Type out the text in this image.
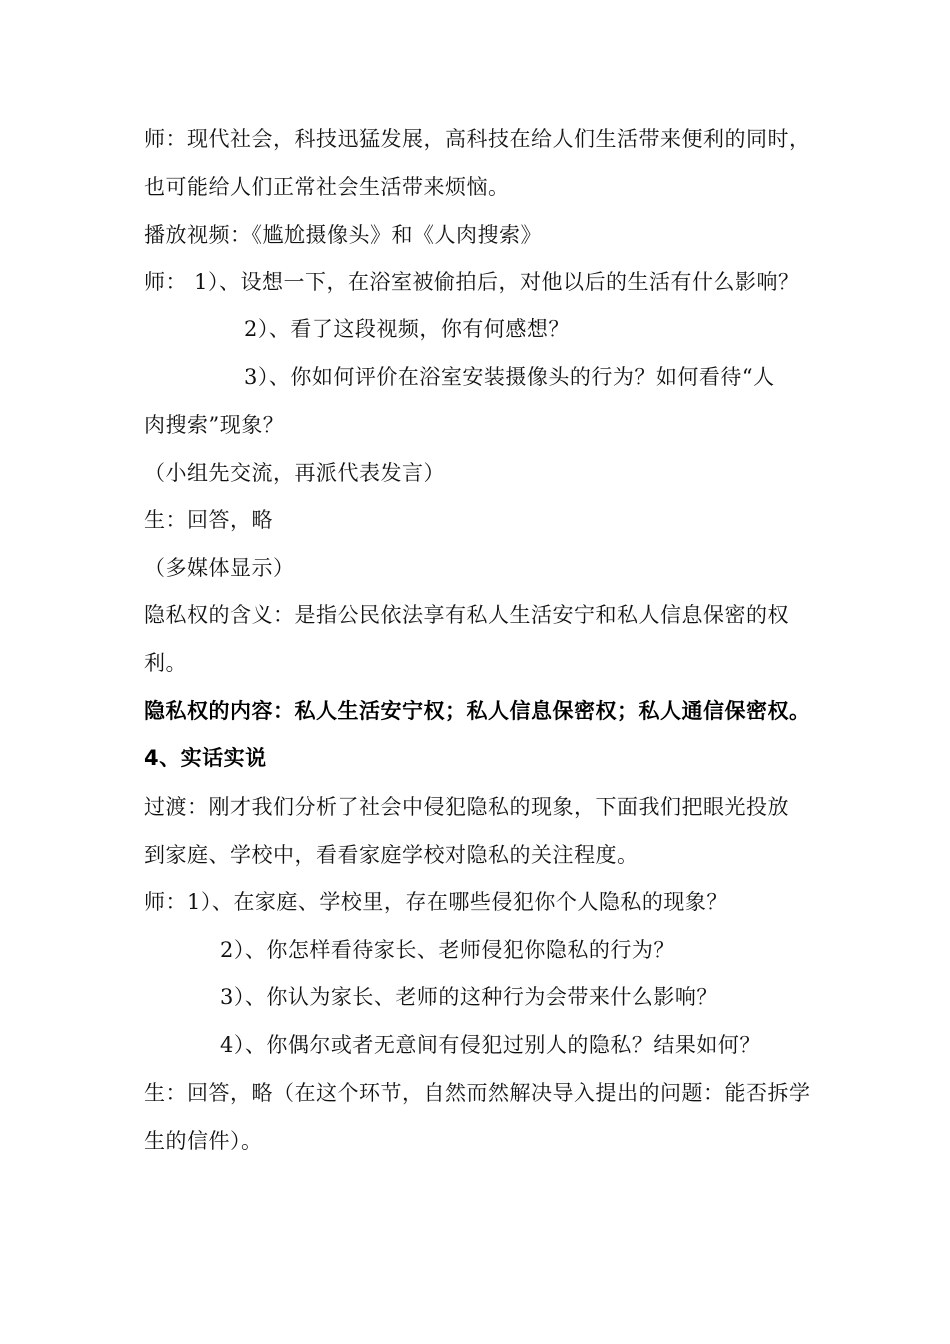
师：现代社会，科技迅猛发展，高科技在给人们生活带来便利的同时，
也可能给人们正常社会生活带来烦恼。
播放视频：《尴尬摄像头》和《人肉搜索》
师： 1）、设想一下，在浴室被偷拍后，对他以后的生活有什么影响？
2）、看了这段视频，你有何感想？
3）、你如何评价在浴室安装摄像头的行为？如何看待“人
肉搜索”现象？
（小组先交流，再派代表发言）
生：回答，略
（多媒体显示）
隐私权的含义：是指公民依法享有私人生活安宁和私人信息保密的权
利。
隐私权的内容：私人生活安宁权；私人信息保密权；私人通信保密权。
4、实话实说
过渡：刚才我们分析了社会中侵犯隐私的现象，下面我们把眼光投放
到家庭、学校中，看看家庭学校对隐私的关注程度。
师：1）、在家庭、学校里，存在哪些侵犯你个人隐私的现象？
2）、你怎样看待家长、老师侵犯你隐私的行为？
3）、你认为家长、老师的这种行为会带来什么影响？
4）、你偶尔或者无意间有侵犯过别人的隐私？结果如何？
生：回答，略（在这个环节，自然而然解决导入提出的问题：能否拆学
生的信件）。
